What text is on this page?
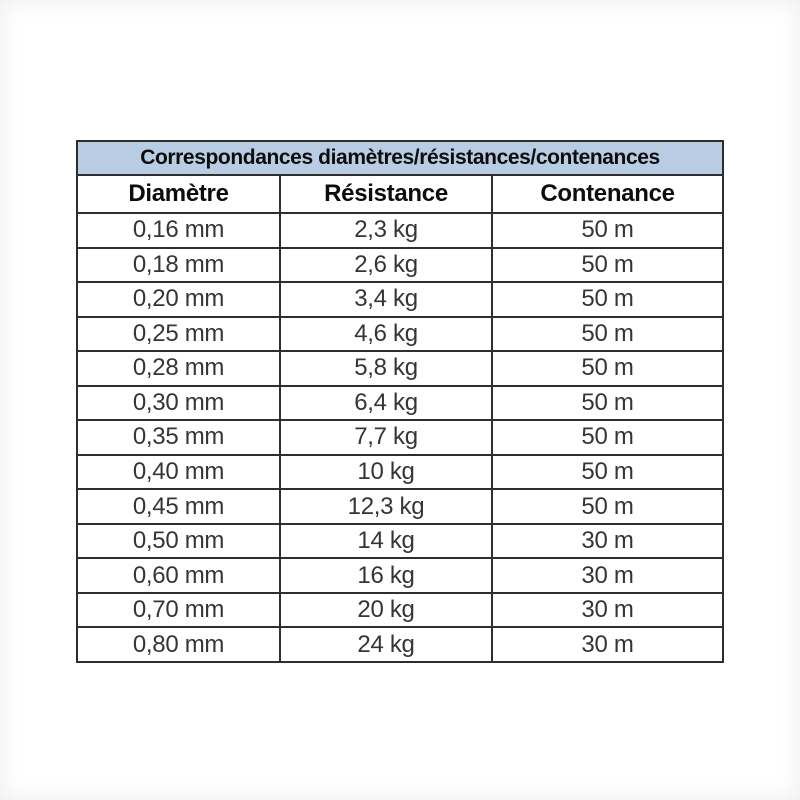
Correspondances diamètres/résistances/contenances		
Diamètre	Résistance	Contenance
0,16 mm	2,3 kg	50 m
0,18 mm	2,6 kg	50 m
0,20 mm	3,4 kg	50 m
0,25 mm	4,6 kg	50 m
0,28 mm	5,8 kg	50 m
0,30 mm	6,4 kg	50 m
0,35 mm	7,7 kg	50 m
0,40 mm	10 kg	50 m
0,45 mm	12,3 kg	50 m
0,50 mm	14 kg	30 m
0,60 mm	16 kg	30 m
0,70 mm	20 kg	30 m
0,80 mm	24 kg	30 m
